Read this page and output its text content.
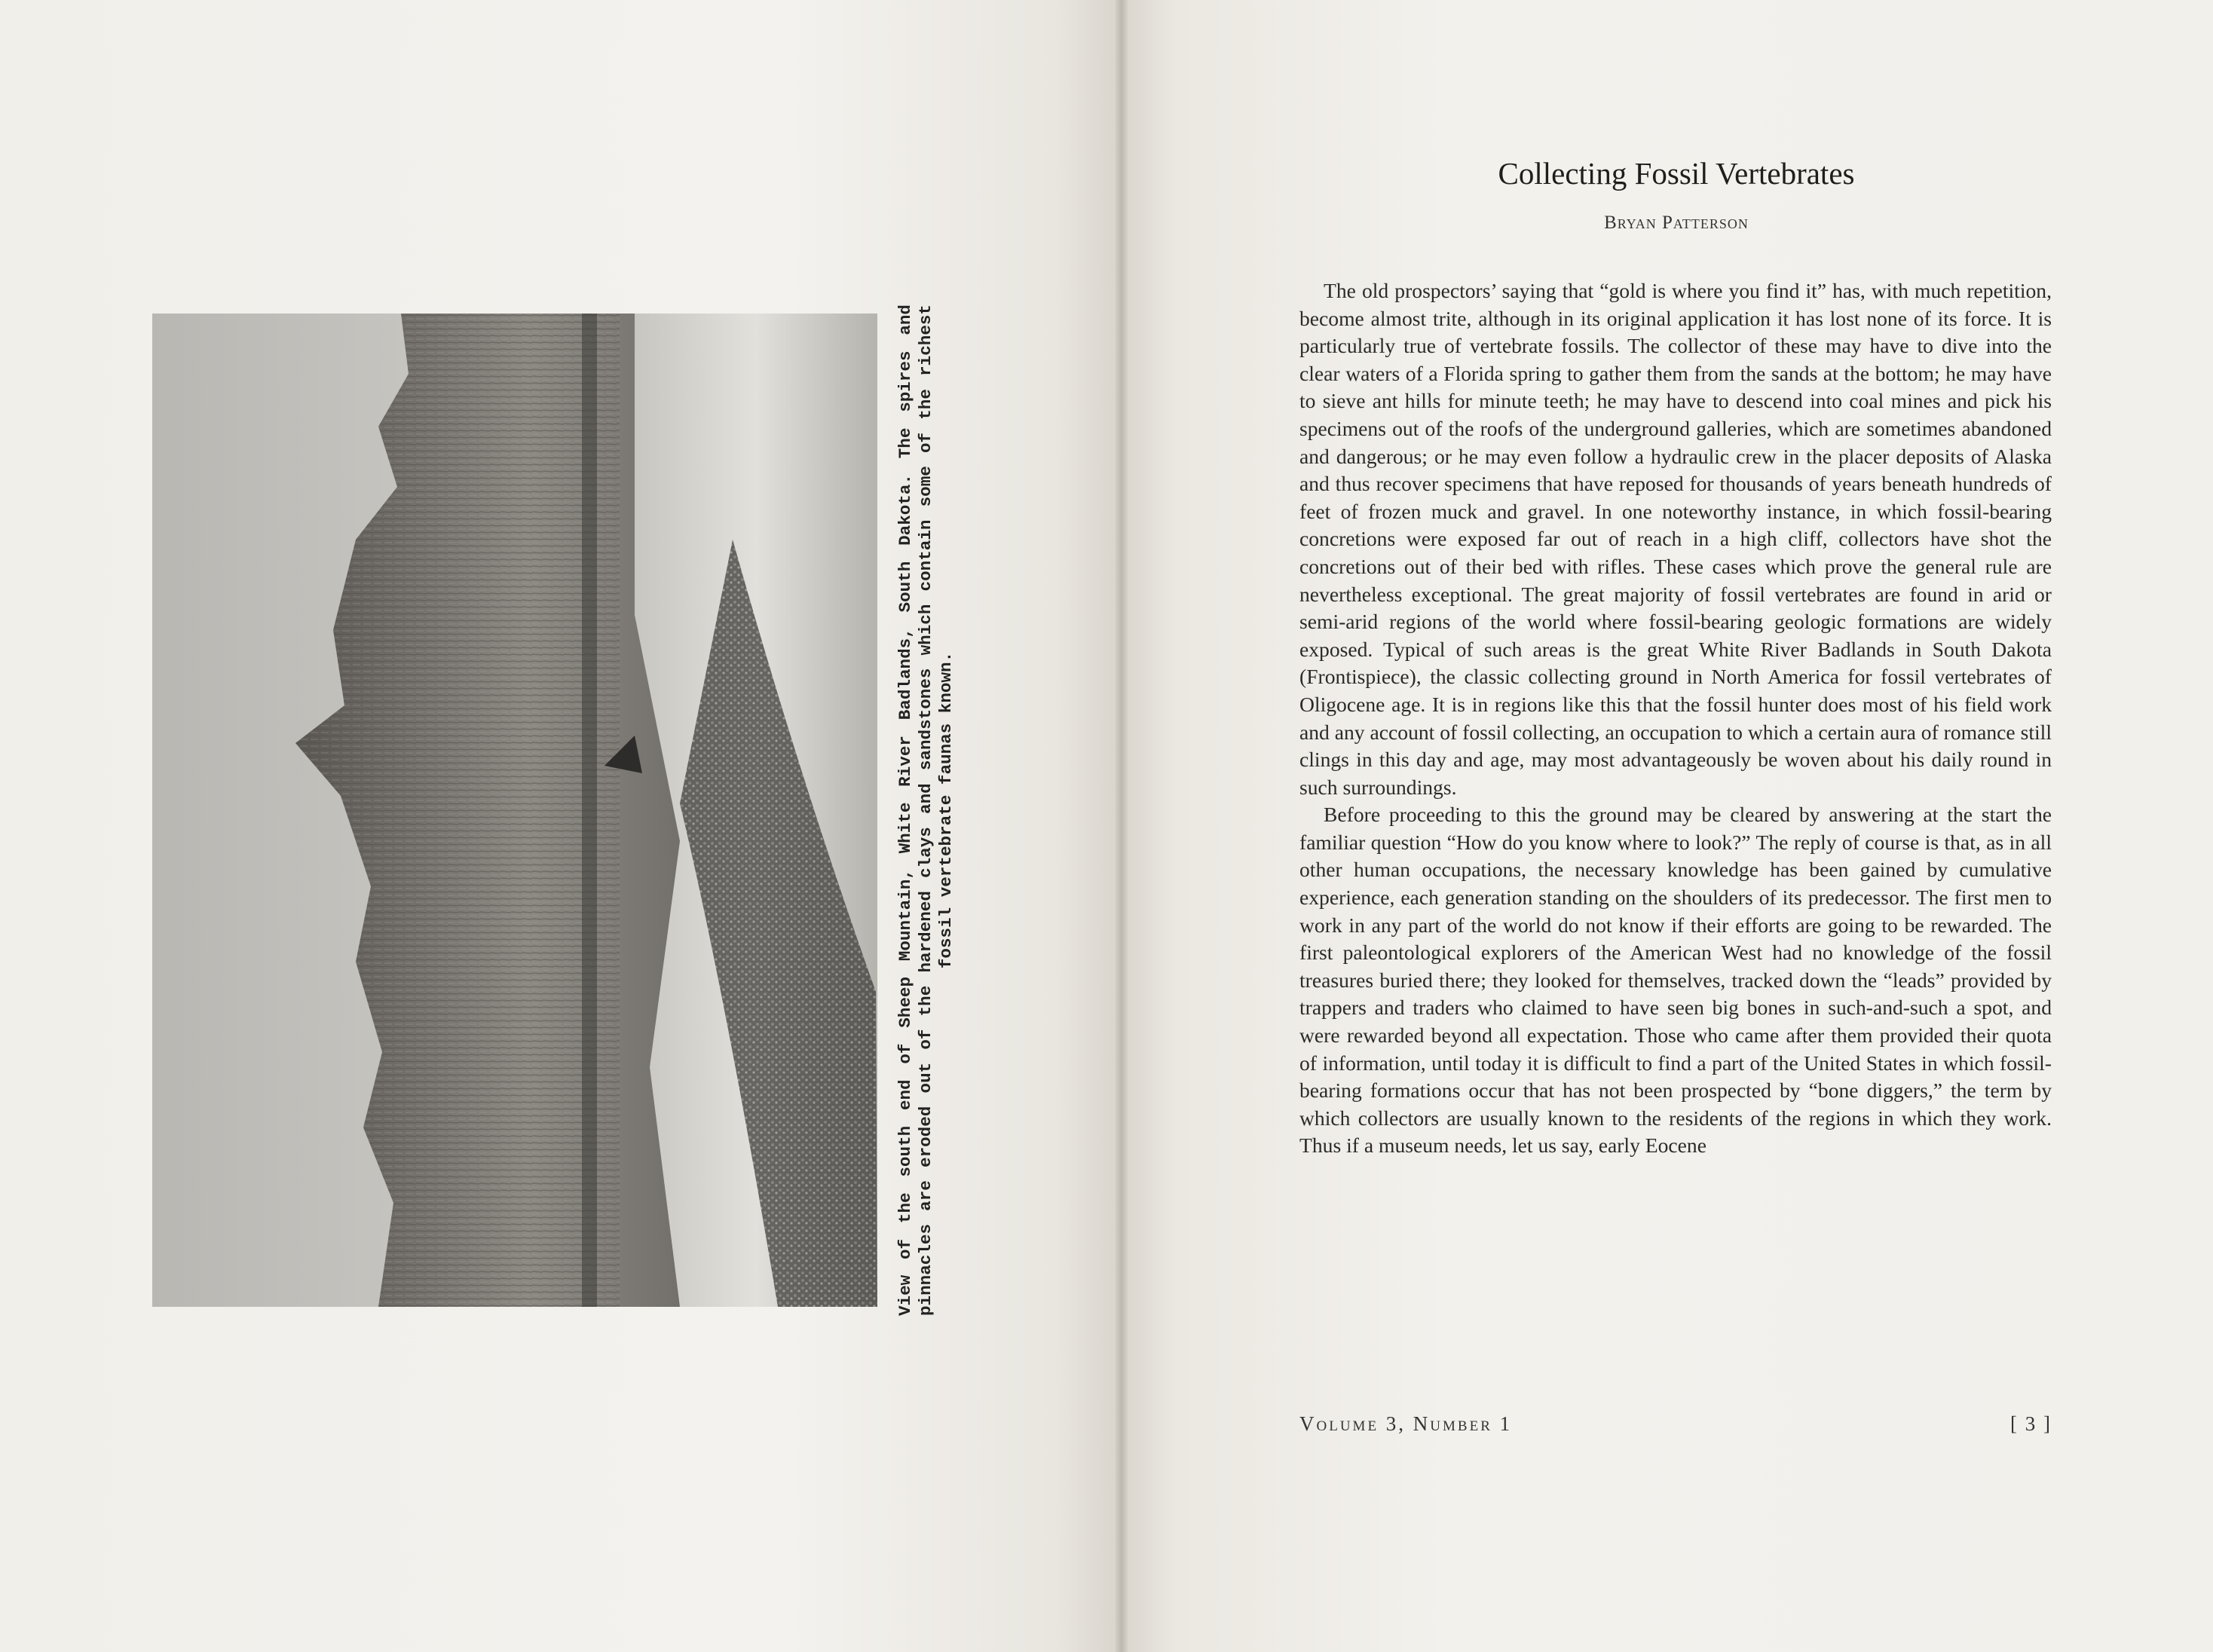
View of the south end of Sheep Mountain, White River Badlands, South Dakota. The spires and pinnacles are eroded out of the hardened clays and sandstones which contain some of the richest fossil vertebrate faunas known.
Collecting Fossil Vertebrates
Bryan Patterson

The old prospectors’ saying that “gold is where you find it” has, with much repetition, become almost trite, although in its original application it has lost none of its force. It is particularly true of vertebrate fossils. The collector of these may have to dive into the clear waters of a Florida spring to gather them from the sands at the bottom; he may have to sieve ant hills for minute teeth; he may have to descend into coal mines and pick his specimens out of the roofs of the underground galleries, which are sometimes abandoned and dangerous; or he may even follow a hydraulic crew in the placer deposits of Alaska and thus recover specimens that have reposed for thousands of years beneath hundreds of feet of frozen muck and gravel. In one noteworthy instance, in which fossil-bearing concretions were exposed far out of reach in a high cliff, collectors have shot the concretions out of their bed with rifles. These cases which prove the general rule are nevertheless exceptional. The great majority of fossil vertebrates are found in arid or semi-arid regions of the world where fossil-bearing geologic formations are widely exposed. Typical of such areas is the great White River Badlands in South Dakota (Frontispiece), the classic collecting ground in North America for fossil vertebrates of Oligocene age. It is in regions like this that the fossil hunter does most of his field work and any account of fossil collecting, an occupation to which a certain aura of romance still clings in this day and age, may most advantageously be woven about his daily round in such surroundings.

Before proceeding to this the ground may be cleared by answering at the start the familiar question “How do you know where to look?” The reply of course is that, as in all other human occupations, the necessary knowledge has been gained by cumulative experience, each generation standing on the shoulders of its predecessor. The first men to work in any part of the world do not know if their efforts are going to be rewarded. The first paleontological explorers of the American West had no knowledge of the fossil treasures buried there; they looked for themselves, tracked down the “leads” provided by trappers and traders who claimed to have seen big bones in such-and-such a spot, and were rewarded beyond all expectation. Those who came after them provided their quota of information, until today it is difficult to find a part of the United States in which fossil-bearing formations occur that has not been prospected by “bone diggers,” the term by which collectors are usually known to the residents of the regions in which they work. Thus if a museum needs, let us say, early Eocene

Volume 3, Number 1	[ 3 ]
